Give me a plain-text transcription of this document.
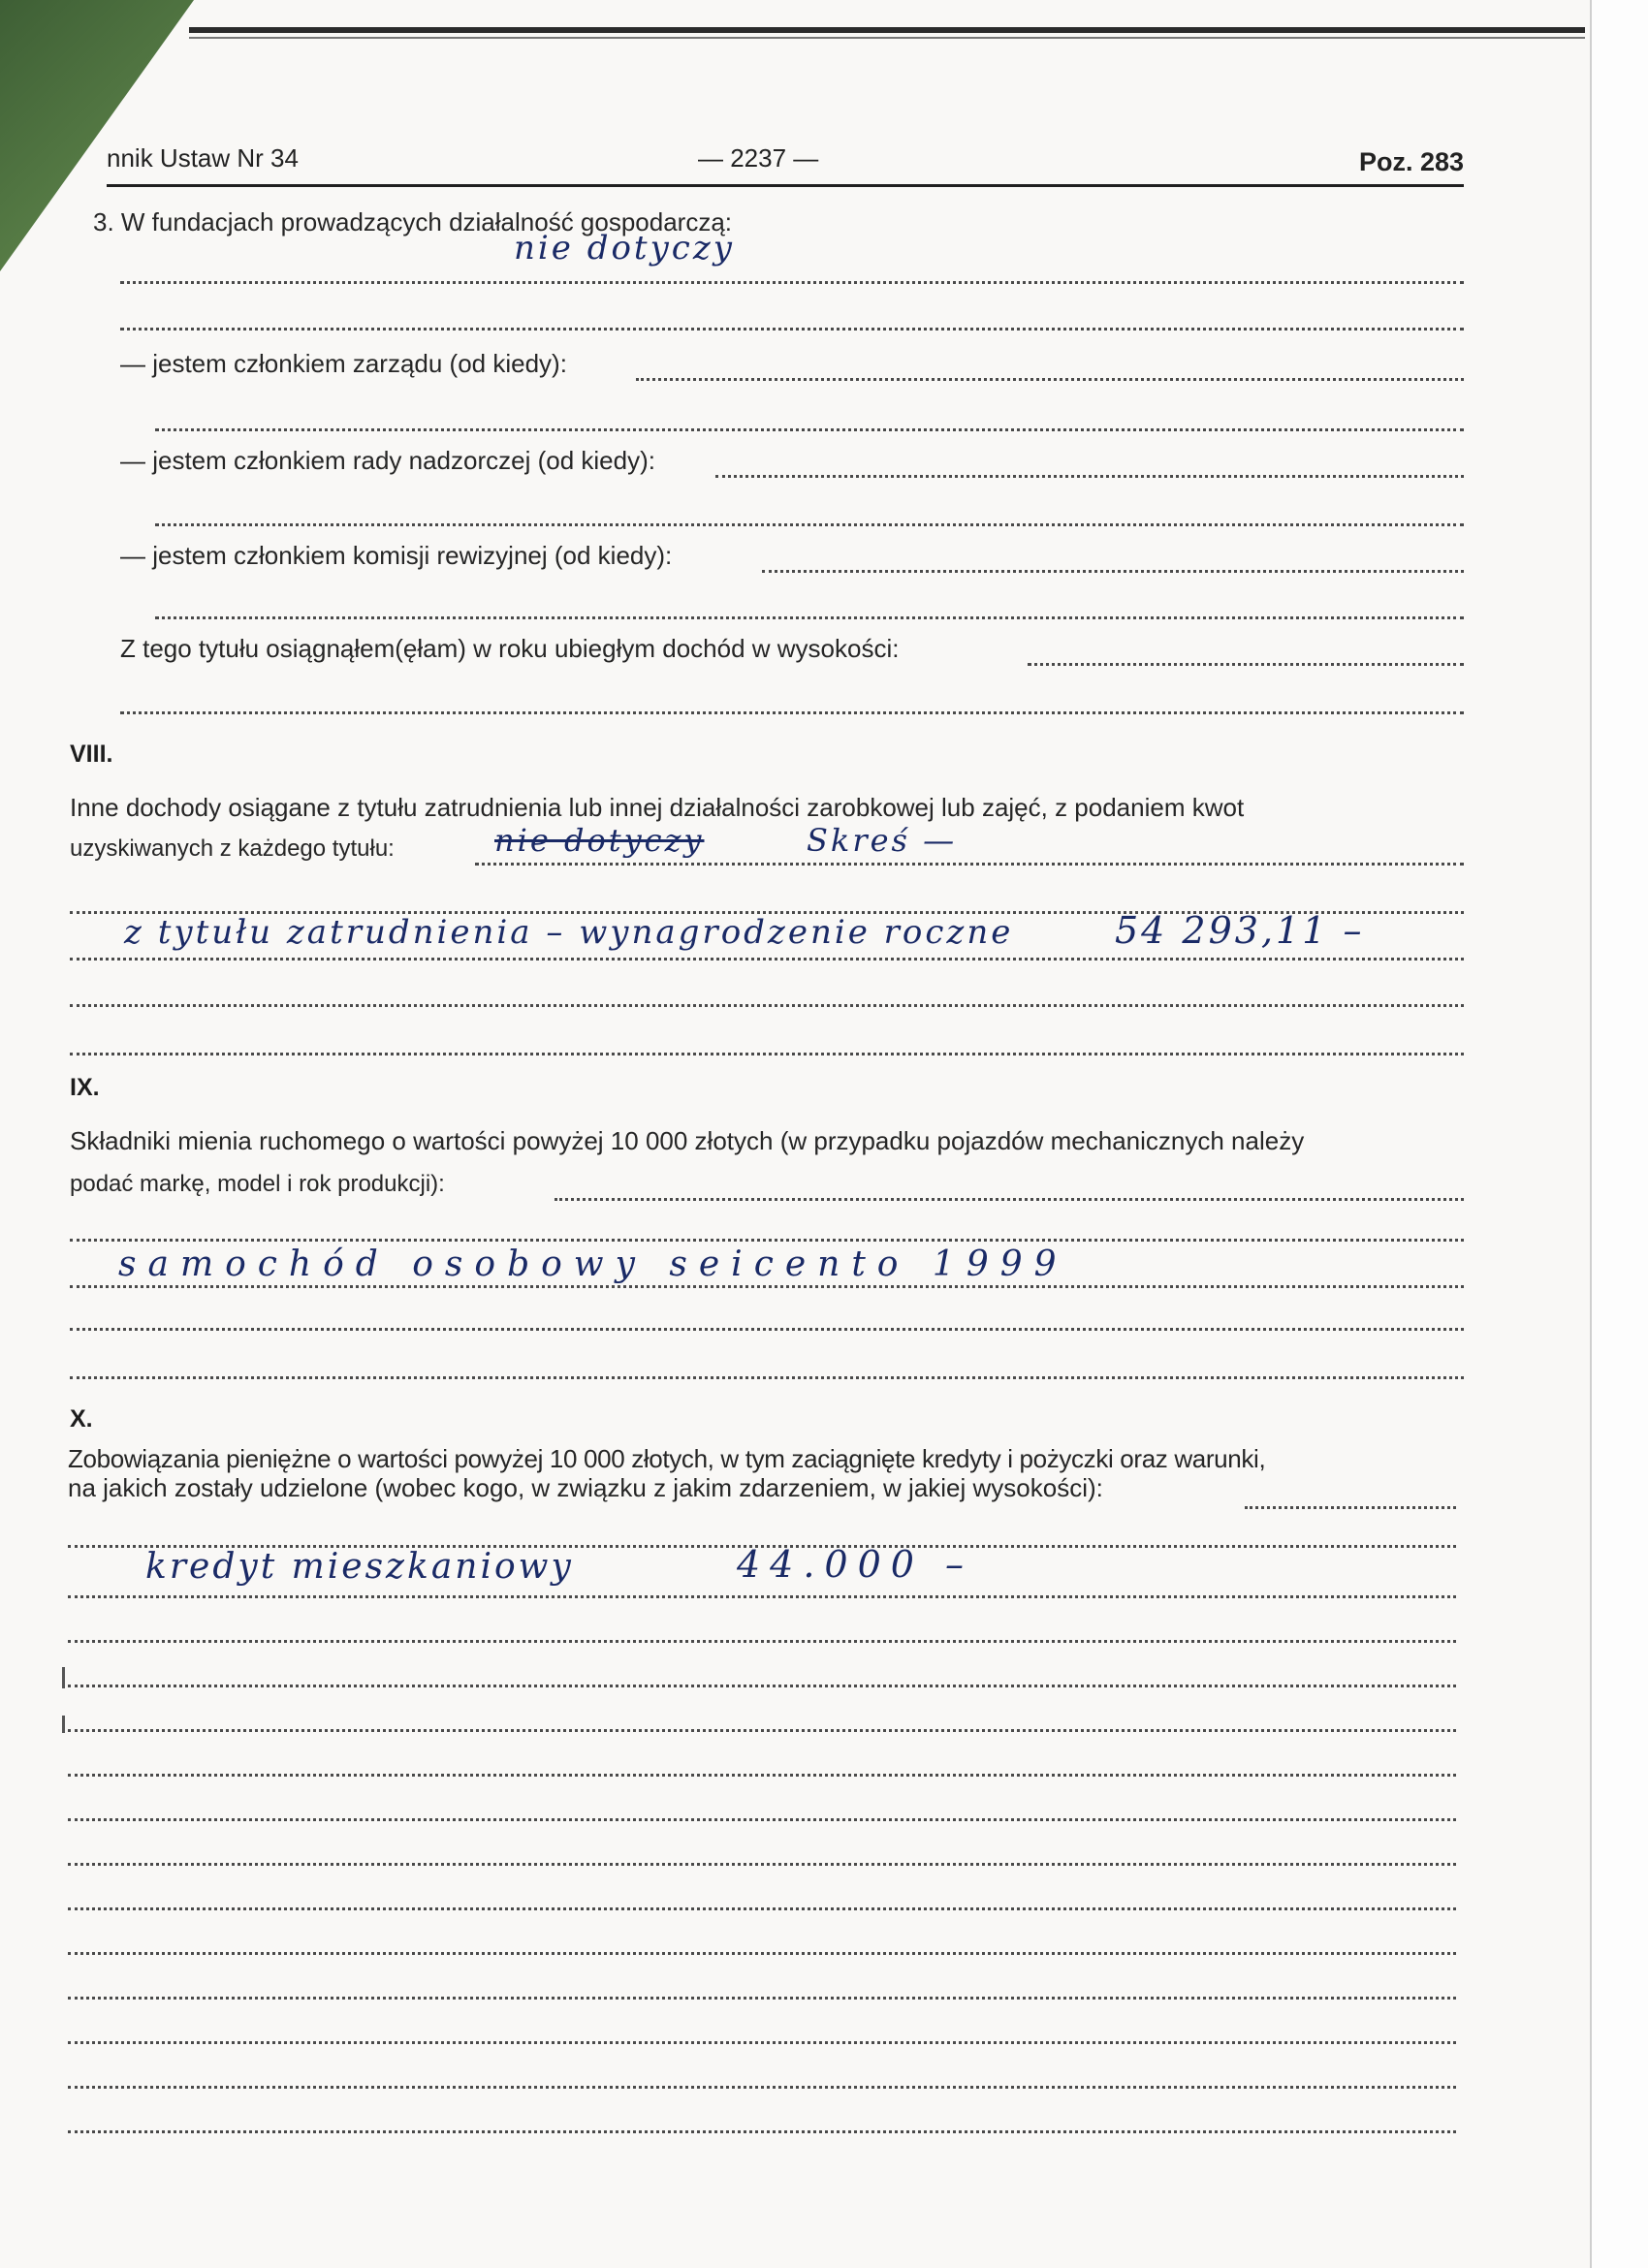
nnik Ustaw Nr 34	— 2237 —	Poz. 283
3. W fundacjach prowadzących działalność gospodarczą:
nie dotyczy
— jestem członkiem zarządu (od kiedy):
— jestem członkiem rady nadzorczej (od kiedy):
— jestem członkiem komisji rewizyjnej (od kiedy):
Z tego tytułu osiągnąłem(ęłam) w roku ubiegłym dochód w wysokości:
VIII.
Inne dochody osiągane z tytułu zatrudnienia lub innej działalności zarobkowej lub zajęć, z podaniem kwot
uzyskiwanych z każdego tytułu:	nie dotyczy	Skreś —
z tytułu zatrudnienia – wynagrodzenie roczne	54 293,11 –
IX.
Składniki mienia ruchomego o wartości powyżej 10 000 złotych (w przypadku pojazdów mechanicznych należy
podać markę, model i rok produkcji):
samochód osobowy seicento 1999
X.
Zobowiązania pieniężne o wartości powyżej 10 000 złotych, w tym zaciągnięte kredyty i pożyczki oraz warunki,
na jakich zostały udzielone (wobec kogo, w związku z jakim zdarzeniem, w jakiej wysokości):
kredyt mieszkaniowy	44.000 –
